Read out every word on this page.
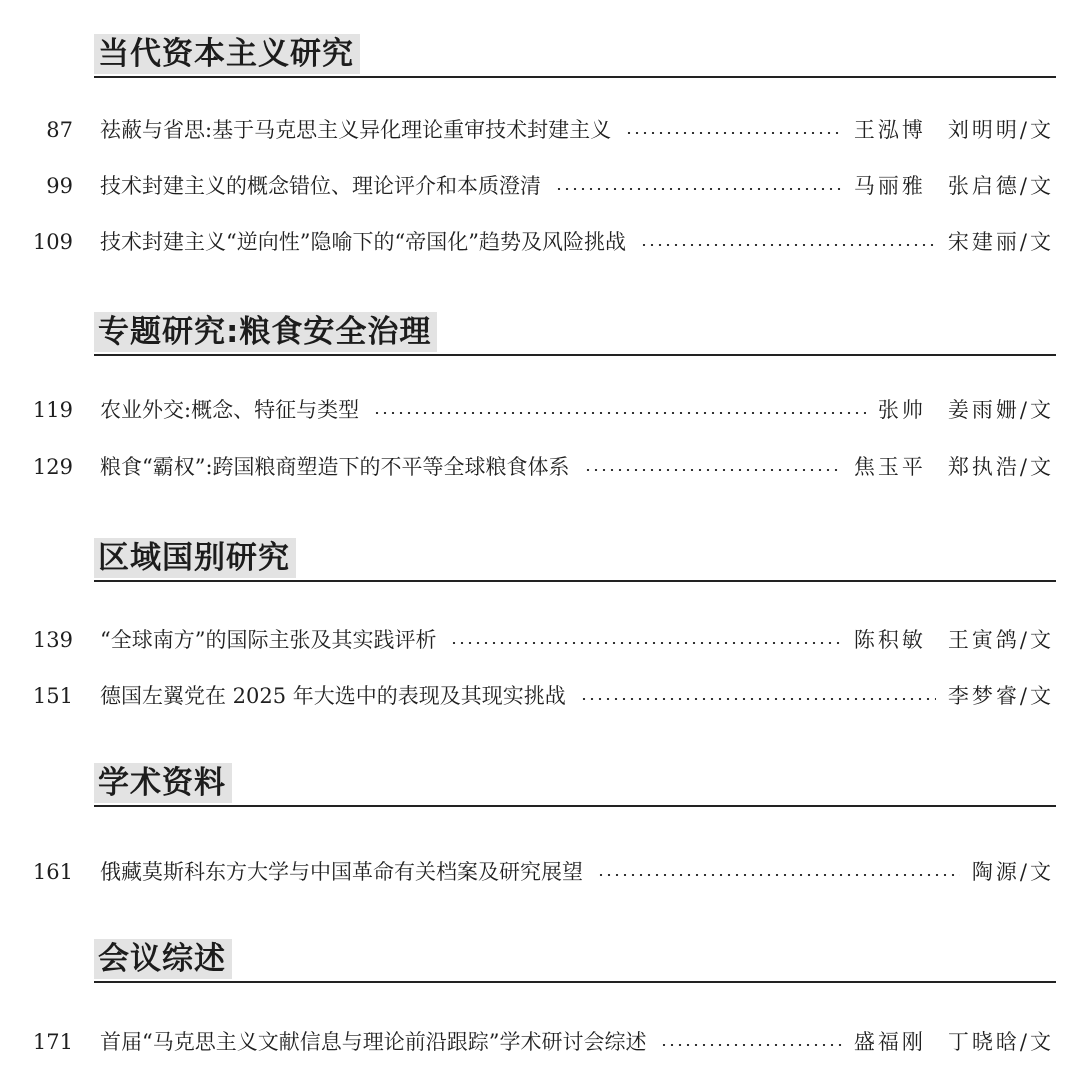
当代资本主义研究
87 祛蔽与省思:基于马克思主义异化理论重审技术封建主义	王泓博 刘明明/文
99 技术封建主义的概念错位、理论评介和本质澄清	马丽雅 张启德/文
109 技术封建主义“逆向性”隐喻下的“帝国化”趋势及风险挑战	宋建丽/文
专题研究:粮食安全治理
119 农业外交:概念、特征与类型	张帅 姜雨姗/文
129 粮食“霸权”:跨国粮商塑造下的不平等全球粮食体系	焦玉平 郑执浩/文
区域国别研究
139 “全球南方”的国际主张及其实践评析	陈积敏 王寅鸽/文
151 德国左翼党在 2025 年大选中的表现及其现实挑战	李梦睿/文
学术资料
161 俄藏莫斯科东方大学与中国革命有关档案及研究展望	陶源/文
会议综述
171 首届“马克思主义文献信息与理论前沿跟踪”学术研讨会综述	盛福刚 丁晓晗/文
